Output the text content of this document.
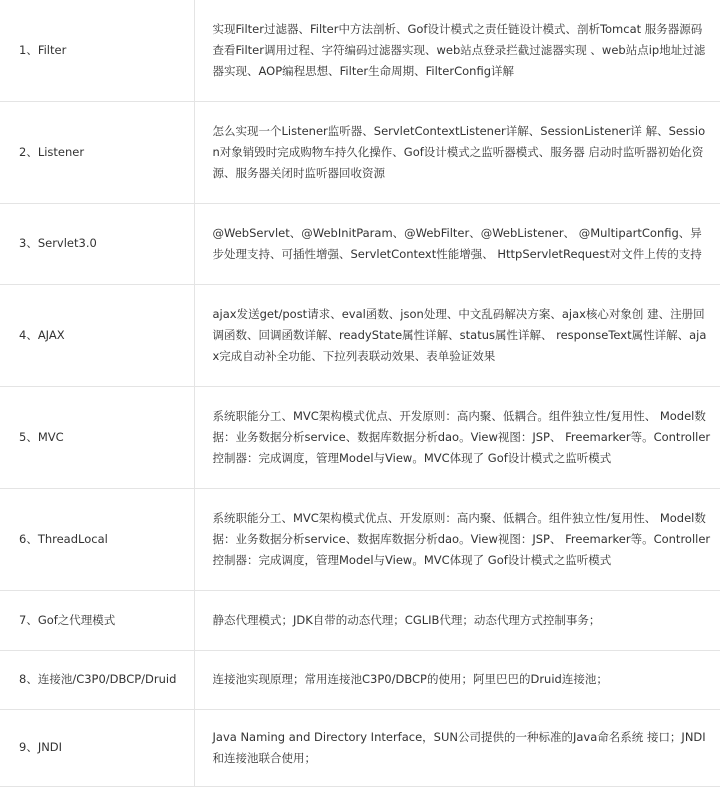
1、Filter	实现Filter过滤器、Filter中方法剖析、Gof设计模式之责任链设计模式、剖析Tomcat 服务器源码查看Filter调用过程、字符编码过滤器实现、web站点登录拦截过滤器实现 、web站点ip地址过滤器实现、AOP编程思想、Filter生命周期、FilterConfig详解
2、Listener	怎么实现一个Listener监听器、ServletContextListener详解、SessionListener详 解、Session对象销毁时完成购物车持久化操作、Gof设计模式之监听器模式、服务器 启动时监听器初始化资源、服务器关闭时监听器回收资源
3、Servlet3.0	@WebServlet、@WebInitParam、@WebFilter、@WebListener、 @MultipartConfig、异步处理支持、可插性增强、ServletContext性能增强、 HttpServletRequest对文件上传的支持
4、AJAX	ajax发送get/post请求、eval函数、json处理、中文乱码解决方案、ajax核心对象创 建、注册回调函数、回调函数详解、readyState属性详解、status属性详解、 responseText属性详解、ajax完成自动补全功能、下拉列表联动效果、表单验证效果
5、MVC	系统职能分工、MVC架构模式优点、开发原则：高内聚、低耦合。组件独立性/复用性、 Model数据：业务数据分析service、数据库数据分析dao。View视图：JSP、 Freemarker等。Controller控制器：完成调度，管理Model与View。MVC体现了 Gof设计模式之监听模式
6、ThreadLocal	系统职能分工、MVC架构模式优点、开发原则：高内聚、低耦合。组件独立性/复用性、 Model数据：业务数据分析service、数据库数据分析dao。View视图：JSP、 Freemarker等。Controller控制器：完成调度，管理Model与View。MVC体现了 Gof设计模式之监听模式
7、Gof之代理模式	静态代理模式；JDK自带的动态代理；CGLIB代理；动态代理方式控制事务；
8、连接池/C3P0/DBCP/Druid	连接池实现原理；常用连接池C3P0/DBCP的使用；阿里巴巴的Druid连接池；
9、JNDI	Java Naming and Directory Interface，SUN公司提供的一种标准的Java命名系统 接口；JNDI和连接池联合使用；
